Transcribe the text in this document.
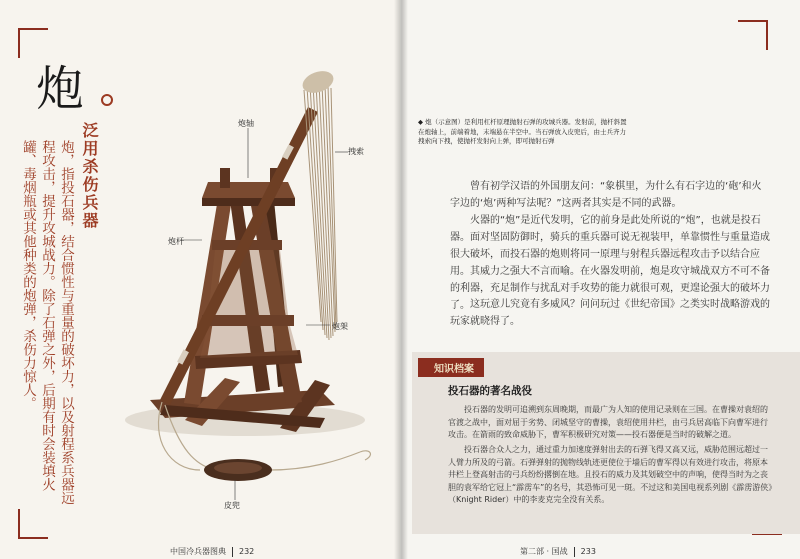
炮
泛用杀伤兵器
炮，指投石器，结合惯性与重量的破坏力，以及射程系兵器远程攻击，提升攻城战力。除了石弹之外，后期有时会装填火罐、毒烟瓶或其他种类的炮弹，杀伤力惊人。
炮轴
拽索
炮杆
炮架
皮兜
中国冷兵器图典 232
◆ 炮（示意图）是利用杠杆原理抛射石弹的攻城兵器。发射前，抛杆斜置在炮轴上，前端着地，末端悬在半空中。当石弹放入皮兜后，由士兵齐力拽索向下拽，使抛杆发射向上弹，即可抛射石弹

曾有初学汉语的外国朋友问：“象棋里，为什么有石字边的‘砲’和火字边的‘炮’两种写法呢？”这两者其实是不同的武器。

火器的“炮”是近代发明，它的前身是此处所说的“炮”，也就是投石器。面对坚固防御时，骑兵的重兵器可说无视装甲，单靠惯性与重量造成很大破坏，而投石器的炮则将同一原理与射程兵器远程攻击予以结合应用。其威力之强大不言而喻。在火器发明前，炮是攻守城战双方不可不备的利器，充足制作与扰乱对手攻势的能力就很可观，更遑论强大的破坏力了。 这玩意儿究竟有多威风？问问玩过《世纪帝国》之类实时战略游戏的玩家就晓得了。

知识档案
投石器的著名战役

投石器的发明可追溯到东周晚期，而最广为人知的使用记录则在三国。在曹操对袁绍的官渡之战中，面对屈于劣势、闭城坚守的曹操，袁绍使用井栏，由弓兵居高临下向曹军进行攻击。在箭雨的致命威胁下，曹军积极研究对策——投石器便是当时的破解之道。

投石器合众人之力，通过重力加速度弹射出去的石弹飞得又高又远，威胁范围远超过一人臂力所及的弓箭。石弹弹射的抛物线轨迹更使位于墙后的曹军得以有效进行攻击，将原本井栏上登高射击的弓兵纷纷撂倒在地。且投石的威力及其划破空中的声响，使得当时为之丧胆的袁军给它冠上“霹雳车”的名号，其恐怖可见一斑。不过这和美国电视系列剧《霹雳游侠》（Knight Rider）中的李麦克完全没有关系。

第二部 · 国战 233
